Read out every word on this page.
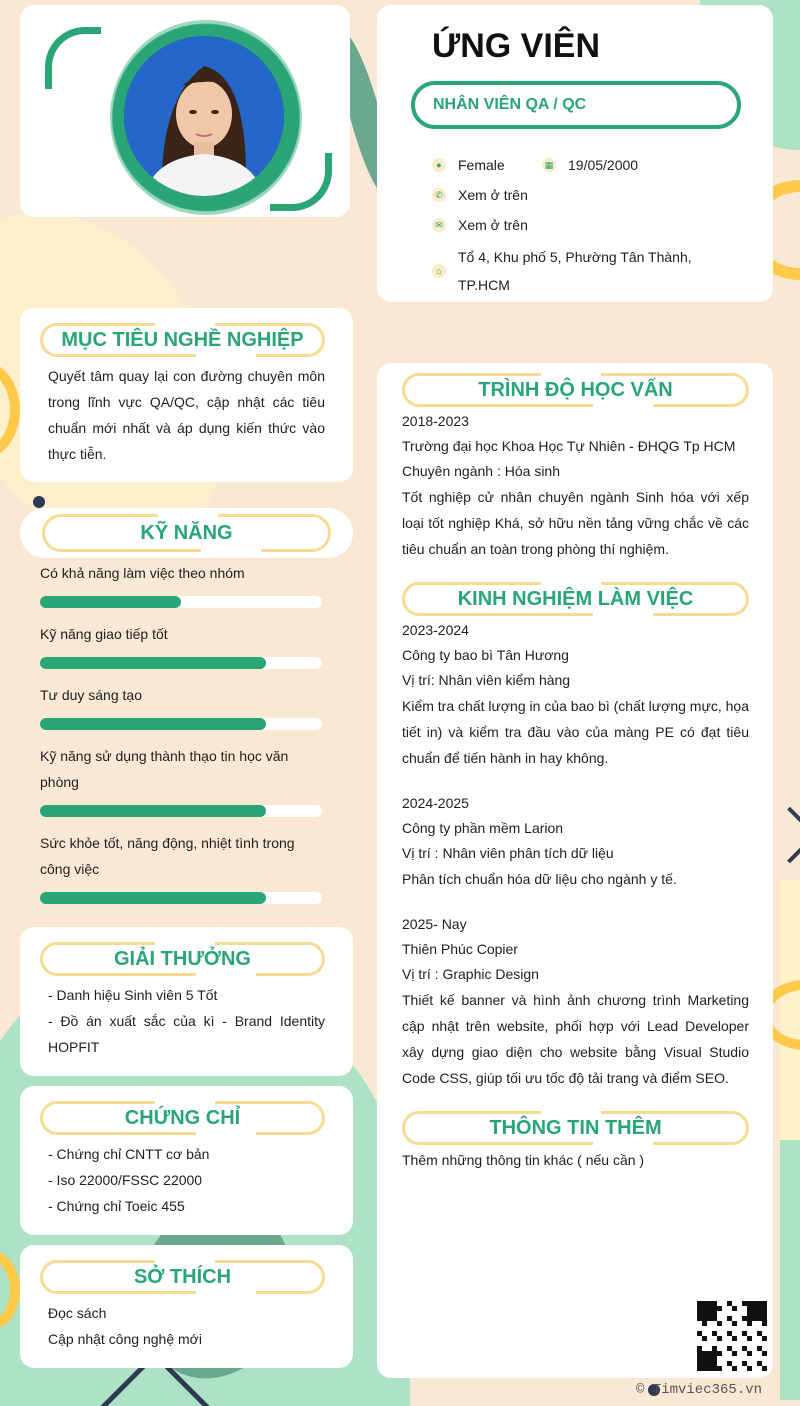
ỨNG VIÊN
NHÂN VIÊN QA / QC
●	Female	▦ 19/05/2000
✆ Xem ở trên
✉ Xem ở trên
⌂
Tổ 4, Khu phố 5, Phường Tân Thành,
TP.HCM
MỤC TIÊU NGHỀ NGHIỆP

Quyết tâm quay lại con đường chuyên môn trong lĩnh vực QA/QC, cập nhật các tiêu chuẩn mới nhất và áp dụng kiến thức vào thực tiễn.

KỸ NĂNG
Có khả năng làm việc theo nhóm
Kỹ năng giao tiếp tốt
Tư duy sáng tạo
Kỹ năng sử dụng thành thạo tin học văn phòng
Sức khỏe tốt, năng động, nhiệt tình trong công việc
GIẢI THƯỞNG
- Danh hiệu Sinh viên 5 Tốt
- Đồ án xuất sắc của kì - Brand Identity HOPFIT
CHỨNG CHỈ
- Chứng chỉ CNTT cơ bản
- Iso 22000/FSSC 22000
- Chứng chỉ Toeic 455
SỞ THÍCH
Đọc sách
Cập nhật công nghệ mới
TRÌNH ĐỘ HỌC VẤN
2018-2023
Trường đại học Khoa Học Tự Nhiên - ĐHQG Tp HCM
Chuyên ngành : Hóa sinh
Tốt nghiệp cử nhân chuyên ngành Sinh hóa với xếp loại tốt nghiệp Khá, sở hữu nền tảng vững chắc về các tiêu chuẩn an toàn trong phòng thí nghiệm.
KINH NGHIỆM LÀM VIỆC
2023-2024
Công ty bao bì Tân Hương
Vị trí: Nhân viên kiểm hàng
Kiểm tra chất lượng in của bao bì (chất lượng mực, họa tiết in) và kiểm tra đầu vào của màng PE có đạt tiêu chuẩn để tiến hành in hay không.
2024-2025
Công ty phần mềm Larion
Vị trí : Nhân viên phân tích dữ liệu
Phân tích chuẩn hóa dữ liệu cho ngành y tế.
2025- Nay
Thiên Phúc Copier
Vị trí : Graphic Design
Thiết kế banner và hình ảnh chương trình Marketing cập nhật trên website, phối hợp với Lead Developer xây dựng giao diện cho website bằng Visual Studio Code CSS, giúp tối ưu tốc độ tải trang và điểm SEO.
THÔNG TIN THÊM
Thêm những thông tin khác ( nếu cần )
© Timviec365.vn
